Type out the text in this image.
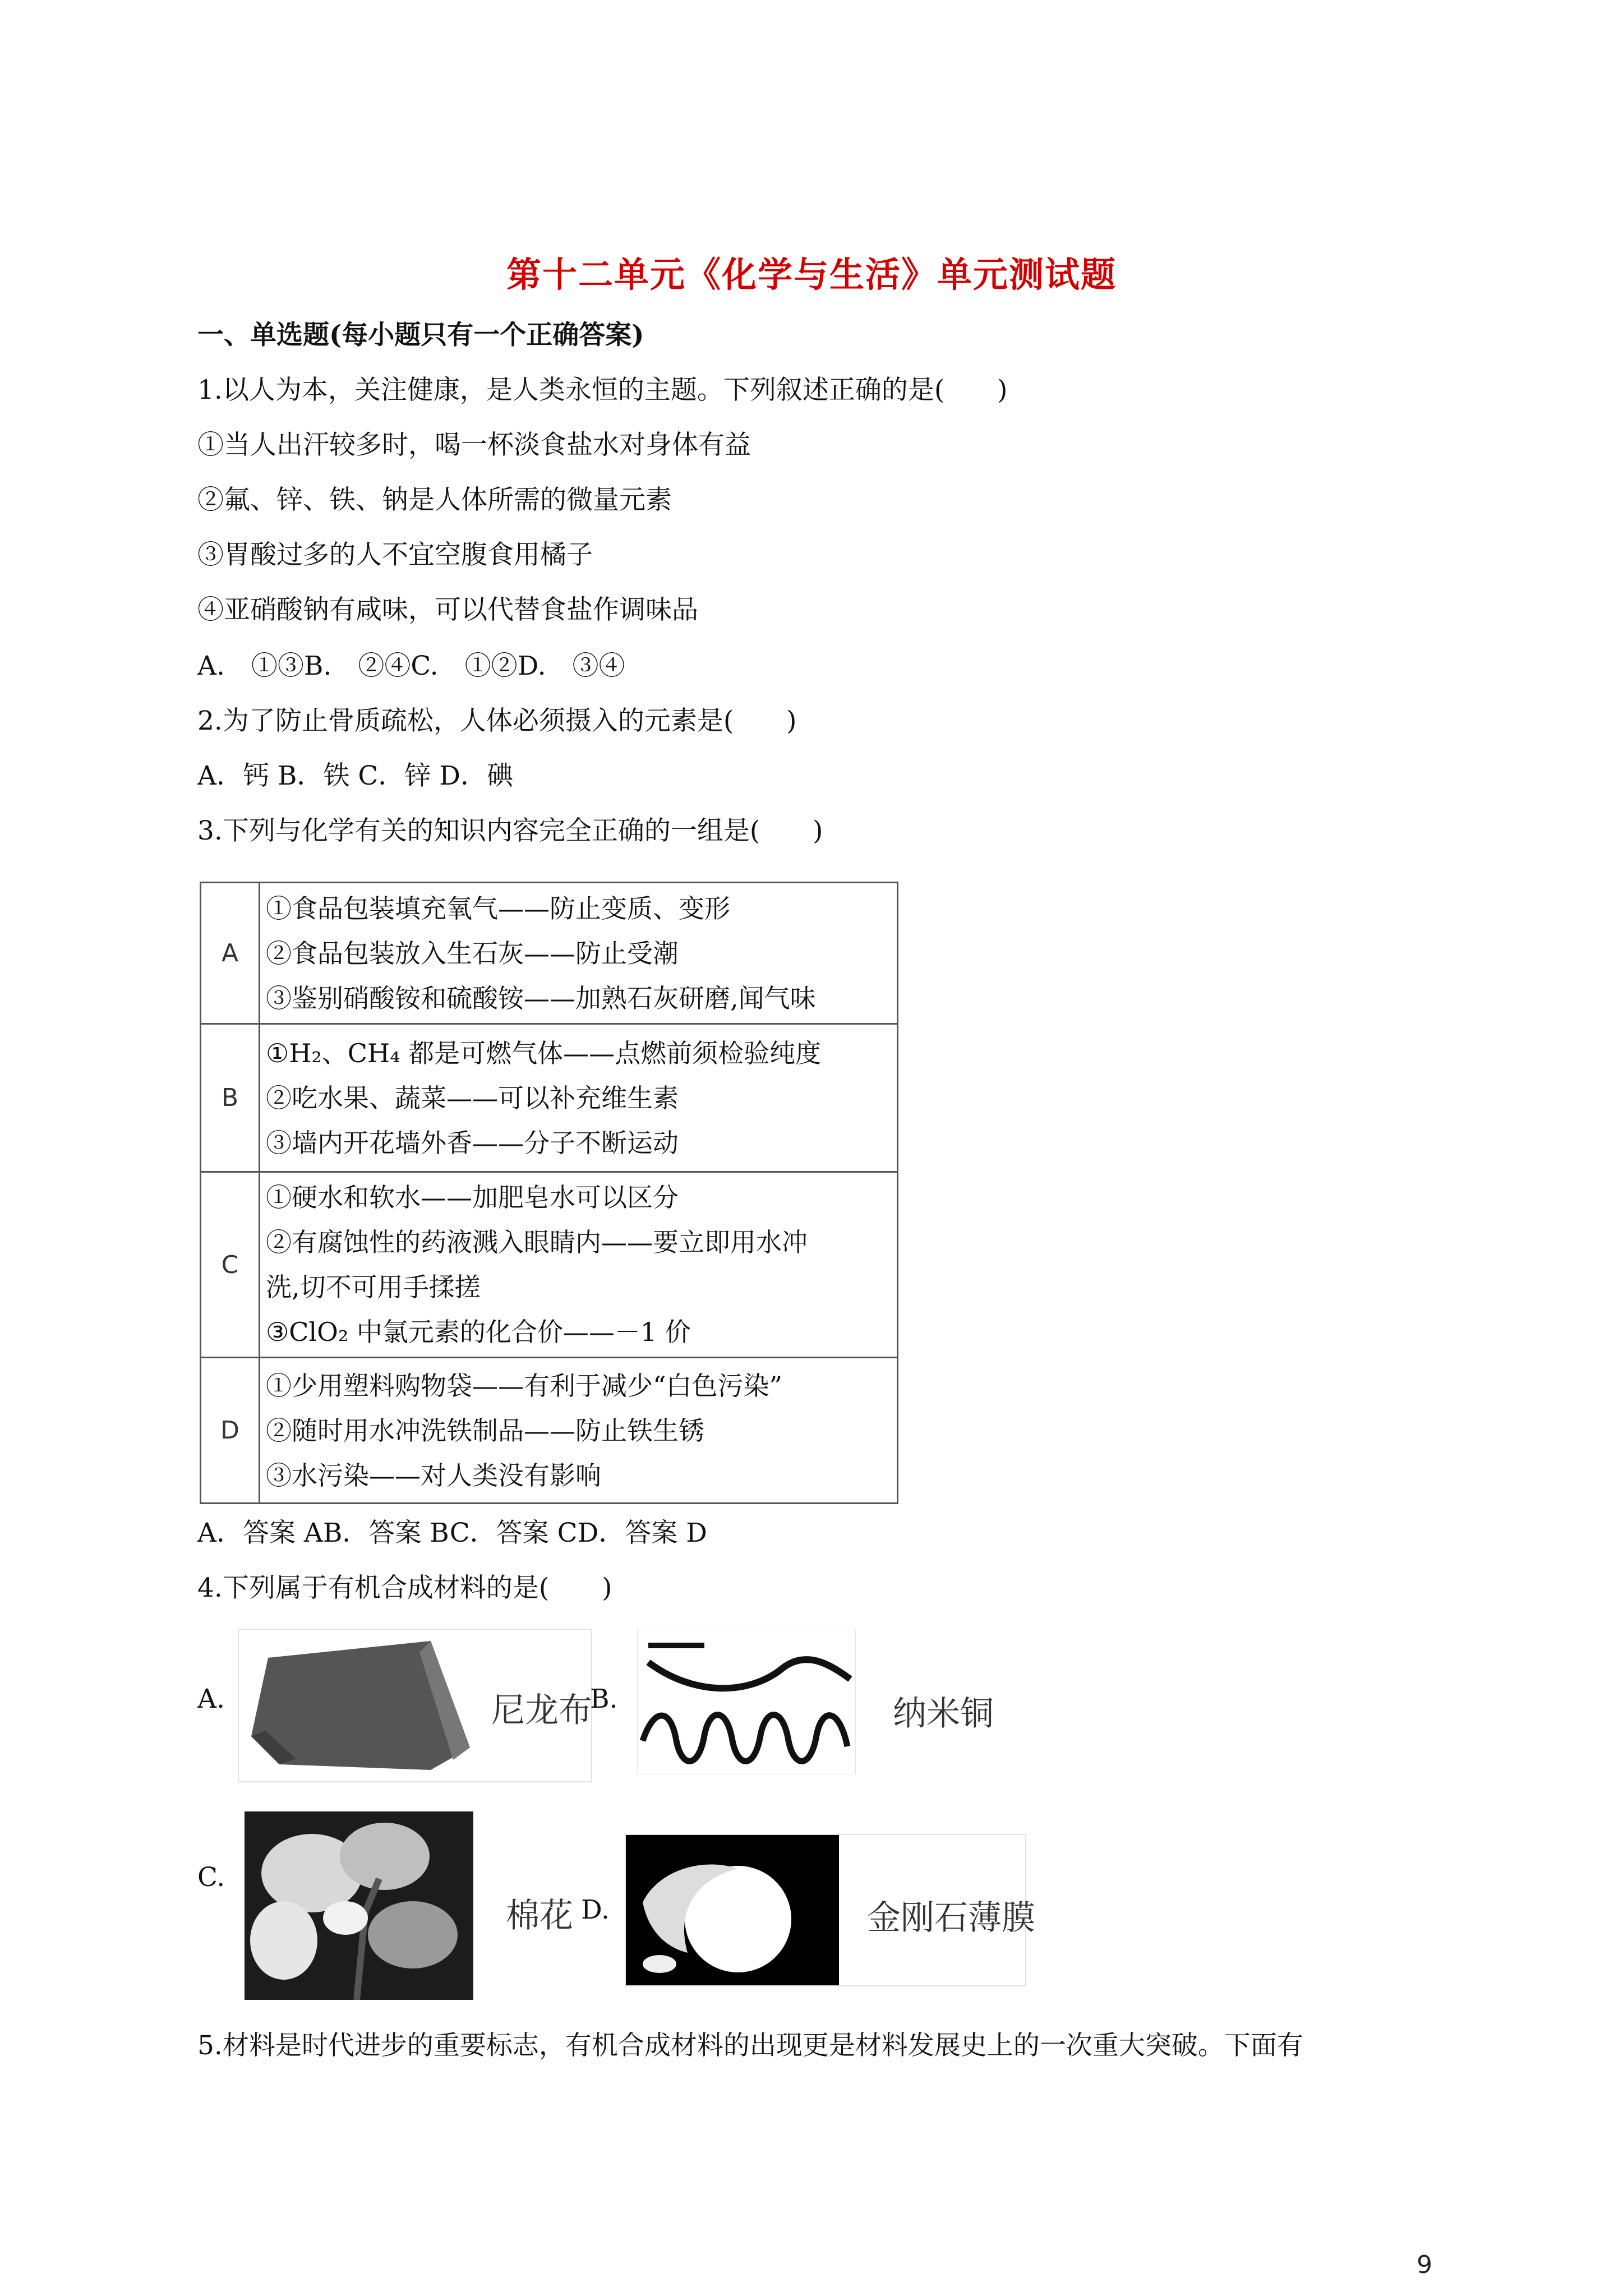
第十二单元《化学与生活》单元测试题
一、单选题(每小题只有一个正确答案)
1.以人为本，关注健康，是人类永恒的主题。下列叙述正确的是(　　)
①当人出汗较多时，喝一杯淡食盐水对身体有益
②氟、锌、铁、钠是人体所需的微量元素
③胃酸过多的人不宜空腹食用橘子
④亚硝酸钠有咸味，可以代替食盐作调味品
A.　①③B.　②④C.　①②D.　③④
2.为了防止骨质疏松，人体必须摄入的元素是(　　)
A．钙 B．铁 C．锌 D．碘
3.下列与化学有关的知识内容完全正确的一组是(　　)
A	①食品包装填充氧气——防止变质、变形
②食品包装放入生石灰——防止受潮
③鉴别硝酸铵和硫酸铵——加熟石灰研磨,闻气味

B	①H₂、CH₄ 都是可燃气体——点燃前须检验纯度
②吃水果、蔬菜——可以补充维生素
③墙内开花墙外香——分子不断运动

C	①硬水和软水——加肥皂水可以区分
②有腐蚀性的药液溅入眼睛内——要立即用水冲
洗,切不可用手揉搓
③ClO₂ 中氯元素的化合价——－1 价

D	①少用塑料购物袋——有利于减少“白色污染”
②随时用水冲洗铁制品——防止铁生锈
③水污染——对人类没有影响
A．答案 AB．答案 BC．答案 CD．答案 D
4.下列属于有机合成材料的是(　　)
A.	尼龙布
B.	纳米铜
C.
棉花 D.	金刚石薄膜
5.材料是时代进步的重要标志，有机合成材料的出现更是材料发展史上的一次重大突破。下面有
9
